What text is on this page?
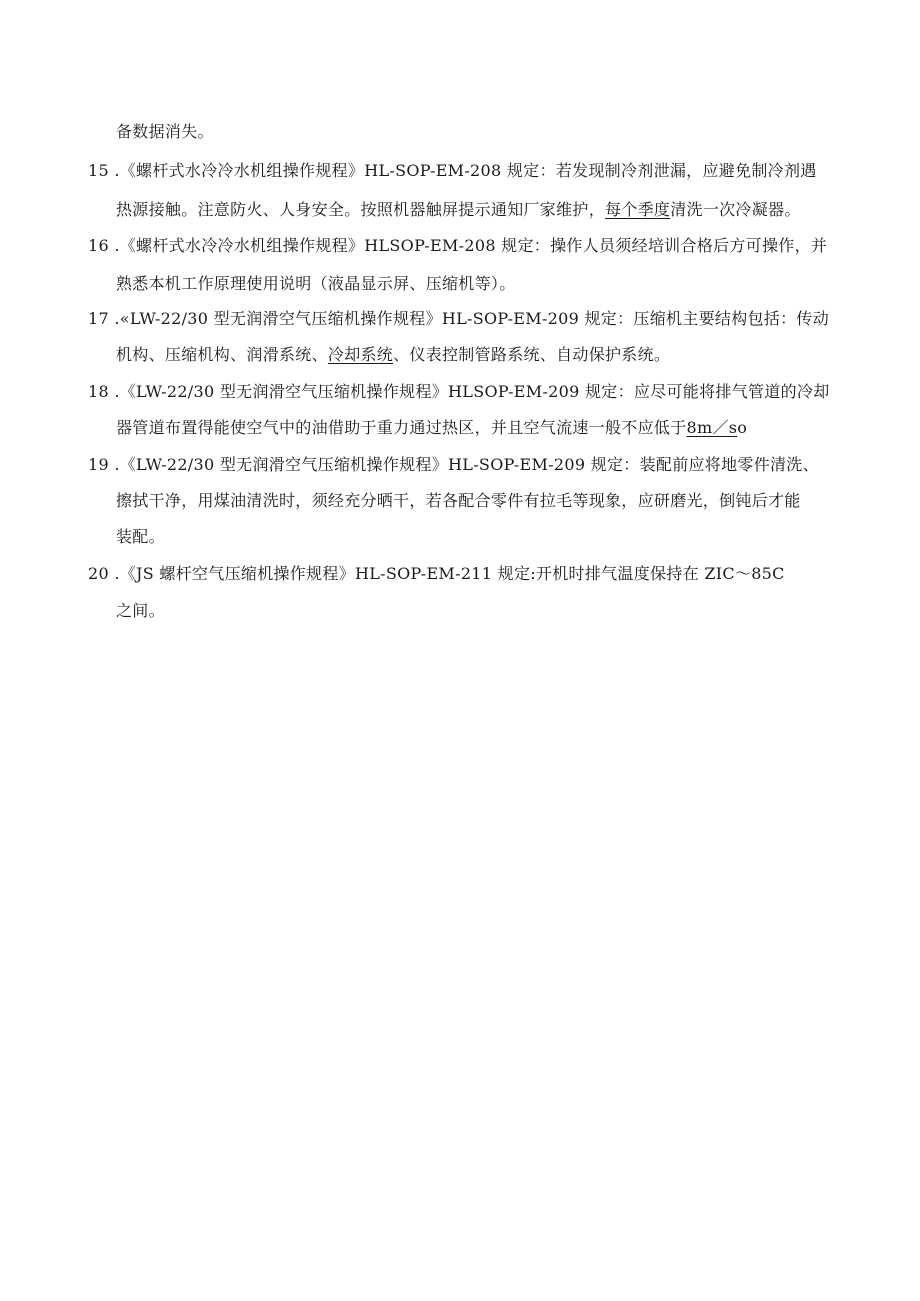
备数据消失。
15 .《螺杆式水冷冷水机组操作规程》HL-SOP-EM-208 规定：若发现制冷剂泄漏，应避免制冷剂遇
热源接触。注意防火、人身安全。按照机器触屏提示通知厂家维护，每个季度清洗一次冷凝器。
16 .《螺杆式水冷冷水机组操作规程》HLSOP-EM-208 规定：操作人员须经培训合格后方可操作，并
熟悉本机工作原理使用说明（液晶显示屏、压缩机等）。
17 .«LW-22/30 型无润滑空气压缩机操作规程》HL-SOP-EM-209 规定：压缩机主要结构包括：传动
机构、压缩机构、润滑系统、冷却系统、仪表控制管路系统、自动保护系统。
18 .《LW-22/30 型无润滑空气压缩机操作规程》HLSOP-EM-209 规定：应尽可能将排气管道的冷却
器管道布置得能使空气中的油借助于重力通过热区，并且空气流速一般不应低于8m／so
19 .《LW-22/30 型无润滑空气压缩机操作规程》HL-SOP-EM-209 规定：装配前应将地零件清洗、
擦拭干净，用煤油清洗时，须经充分晒干，若各配合零件有拉毛等现象，应研磨光，倒钝后才能
装配。
20 .《JS 螺杆空气压缩机操作规程》HL-SOP-EM-211 规定:开机时排气温度保持在 ZIC～85C
之间。
